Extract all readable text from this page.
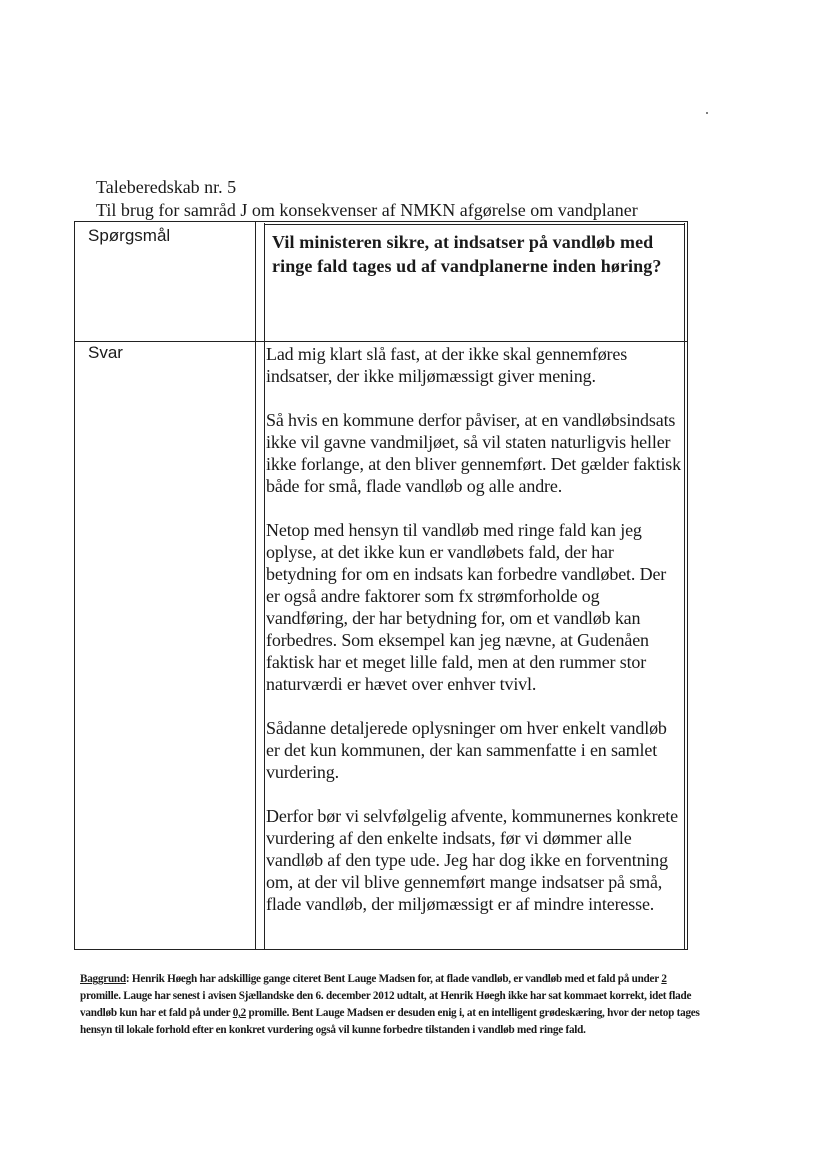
Taleberedskab nr. 5
Til brug for samråd J om konsekvenser af NMKN afgørelse om vandplaner
Spørgsmål	Vil ministeren sikre, at indsatser på vandløb med ringe fald tages ud af vandplanerne inden høring?
Svar	Lad mig klart slå fast, at der ikke skal gennemføres indsatser, der ikke miljømæssigt giver mening.

Så hvis en kommune derfor påviser, at en vandløbsindsats ikke vil gavne vandmiljøet, så vil staten naturligvis heller ikke forlange, at den bliver gennemført. Det gælder faktisk både for små, flade vandløb og alle andre.

Netop med hensyn til vandløb med ringe fald kan jeg oplyse, at det ikke kun er vandløbets fald, der har betydning for om en indsats kan forbedre vandløbet. Der er også andre faktorer som fx strømforholde og vandføring, der har betydning for, om et vandløb kan forbedres. Som eksempel kan jeg nævne, at Gudenåen faktisk har et meget lille fald, men at den rummer stor naturværdi er hævet over enhver tvivl.

Sådanne detaljerede oplysninger om hver enkelt vandløb er det kun kommunen, der kan sammenfatte i en samlet vurdering.

Derfor bør vi selvfølgelig afvente, kommunernes konkrete vurdering af den enkelte indsats, før vi dømmer alle vandløb af den type ude. Jeg har dog ikke en forventning om, at der vil blive gennemført mange indsatser på små, flade vandløb, der miljømæssigt er af mindre interesse.

Baggrund: Henrik Høegh har adskillige gange citeret Bent Lauge Madsen for, at flade vandløb, er vandløb med et fald på under 2 promille. Lauge har senest i avisen Sjællandske den 6. december 2012 udtalt, at Henrik Høegh ikke har sat kommaet korrekt, idet flade vandløb kun har et fald på under 0,2 promille. Bent Lauge Madsen er desuden enig i, at en intelligent grødeskæring, hvor der netop tages hensyn til lokale forhold efter en konkret vurdering også vil kunne forbedre tilstanden i vandløb med ringe fald.
